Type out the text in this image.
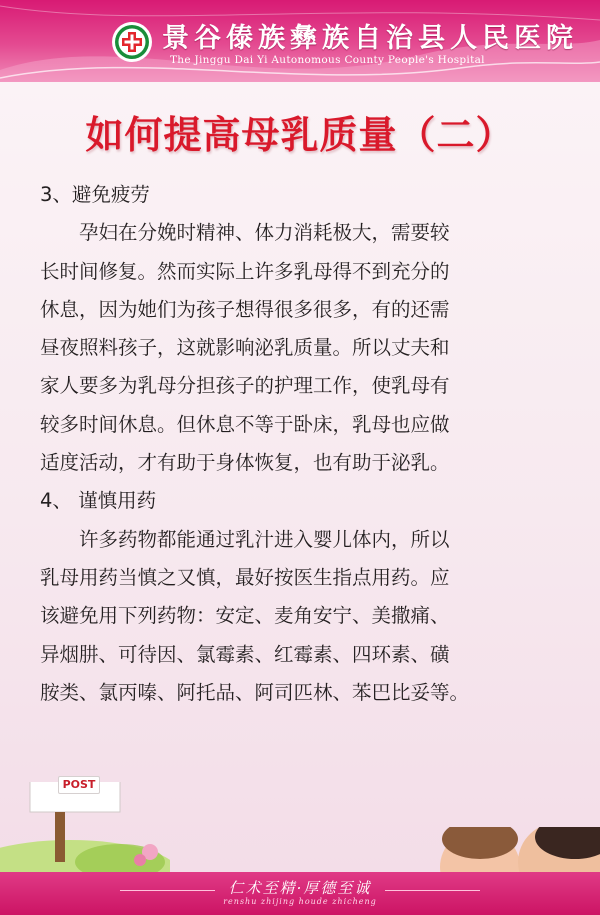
景谷傣族彝族自治县人民医院
The Jinggu Dai Yi Autonomous County People's Hospital
如何提高母乳质量（二）

3、避免疲劳

孕妇在分娩时精神、体力消耗极大，需要较

长时间修复。然而实际上许多乳母得不到充分的

休息，因为她们为孩子想得很多很多，有的还需

昼夜照料孩子，这就影响泌乳质量。所以丈夫和

家人要多为乳母分担孩子的护理工作，使乳母有

较多时间休息。但休息不等于卧床，乳母也应做

适度活动，才有助于身体恢复，也有助于泌乳。

4、 谨慎用药

许多药物都能通过乳汁进入婴儿体内，所以

乳母用药当慎之又慎，最好按医生指点用药。应

该避免用下列药物：安定、麦角安宁、美撒痛、

异烟肼、可待因、氯霉素、红霉素、四环素、磺

胺类、氯丙嗪、阿托品、阿司匹林、苯巴比妥等。

POST
仁术至精·厚德至诚
renshu zhijing houde zhicheng
